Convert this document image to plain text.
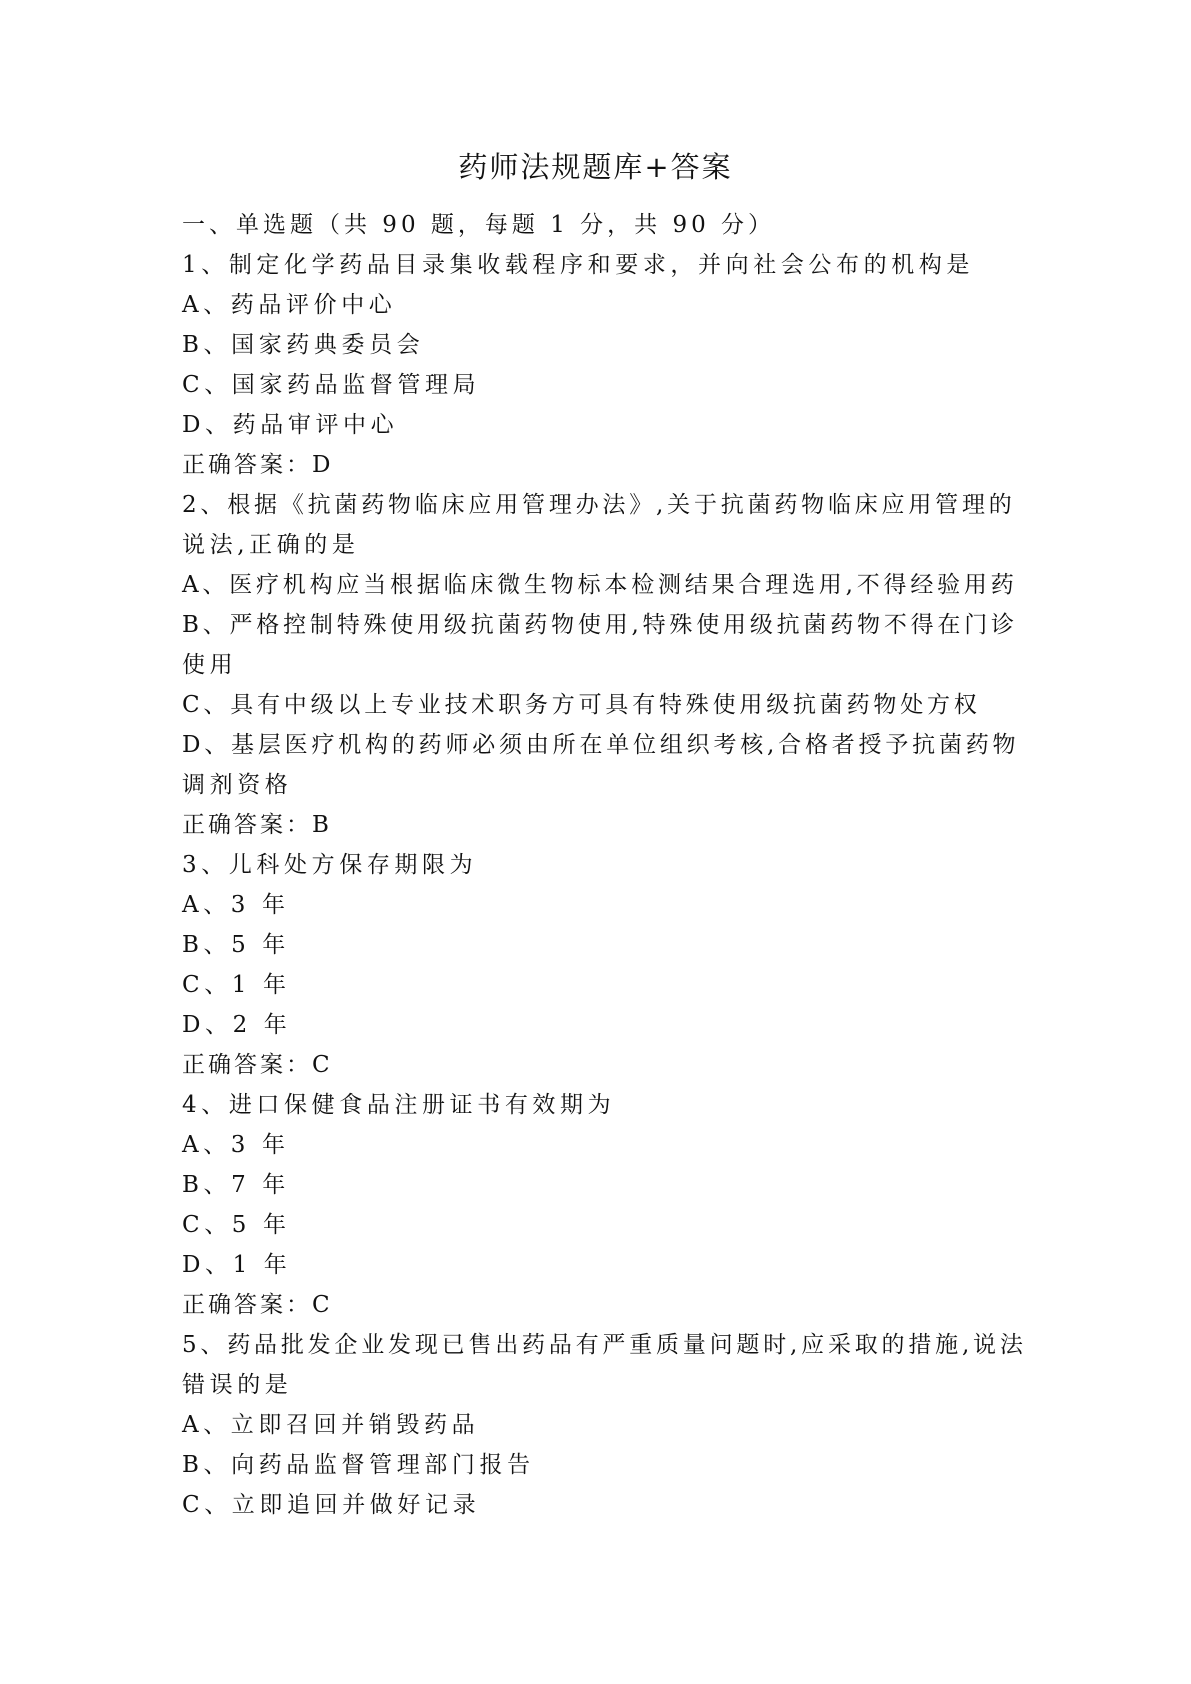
药师法规题库+答案
一、单选题（共 90 题，每题 1 分，共 90 分）
1、制定化学药品目录集收载程序和要求，并向社会公布的机构是
A、药品评价中心
B、国家药典委员会
C、国家药品监督管理局
D、药品审评中心
正确答案：D
2、根据《抗菌药物临床应用管理办法》,关于抗菌药物临床应用管理的
说法,正确的是
A、医疗机构应当根据临床微生物标本检测结果合理选用,不得经验用药
B、严格控制特殊使用级抗菌药物使用,特殊使用级抗菌药物不得在门诊
使用
C、具有中级以上专业技术职务方可具有特殊使用级抗菌药物处方权
D、基层医疗机构的药师必须由所在单位组织考核,合格者授予抗菌药物
调剂资格
正确答案：B
3、儿科处方保存期限为
A、3 年
B、5 年
C、1 年
D、2 年
正确答案：C
4、进口保健食品注册证书有效期为
A、3 年
B、7 年
C、5 年
D、1 年
正确答案：C
5、药品批发企业发现已售出药品有严重质量问题时,应采取的措施,说法
错误的是
A、立即召回并销毁药品
B、向药品监督管理部门报告
C、立即追回并做好记录
